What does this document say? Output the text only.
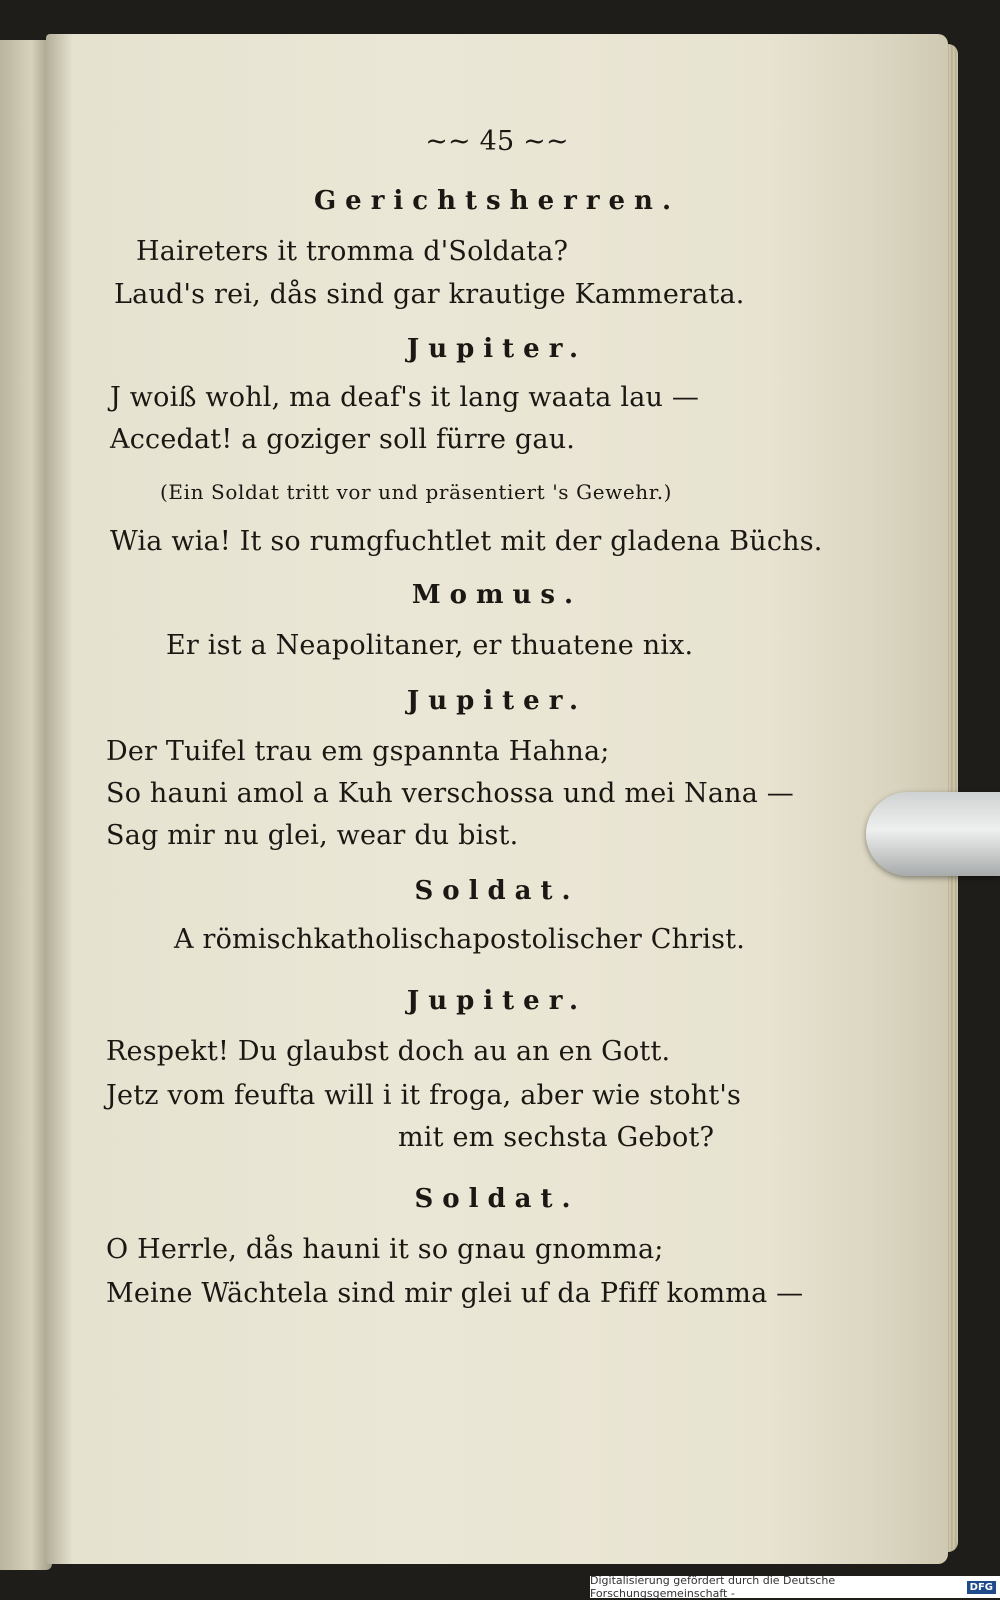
~~ 45 ~~
Gerichtsherren.
Haireters it tromma d'Soldata?
Laud's rei, dås sind gar krautige Kammerata.
Jupiter.
J woiß wohl, ma deaf's it lang waata lau —
Accedat! a goziger soll fürre gau.
(Ein Soldat tritt vor und präsentiert 's Gewehr.)
Wia wia! It so rumgfuchtlet mit der gladena Büchs.
Momus.
Er ist a Neapolitaner, er thuatene nix.
Jupiter.
Der Tuifel trau em gspannta Hahna;
So hauni amol a Kuh verschossa und mei Nana —
Sag mir nu glei, wear du bist.
Soldat.
A römischkatholischapostolischer Christ.
Jupiter.
Respekt! Du glaubst doch au an en Gott.
Jetz vom feufta will i it froga, aber wie stoht's
mit em sechsta Gebot?
Soldat.
O Herrle, dås hauni it so gnau gnomma;
Meine Wächtela sind mir glei uf da Pfiff komma —
Digitalisierung gefördert durch die Deutsche Forschungsgemeinschaft -	DFG
